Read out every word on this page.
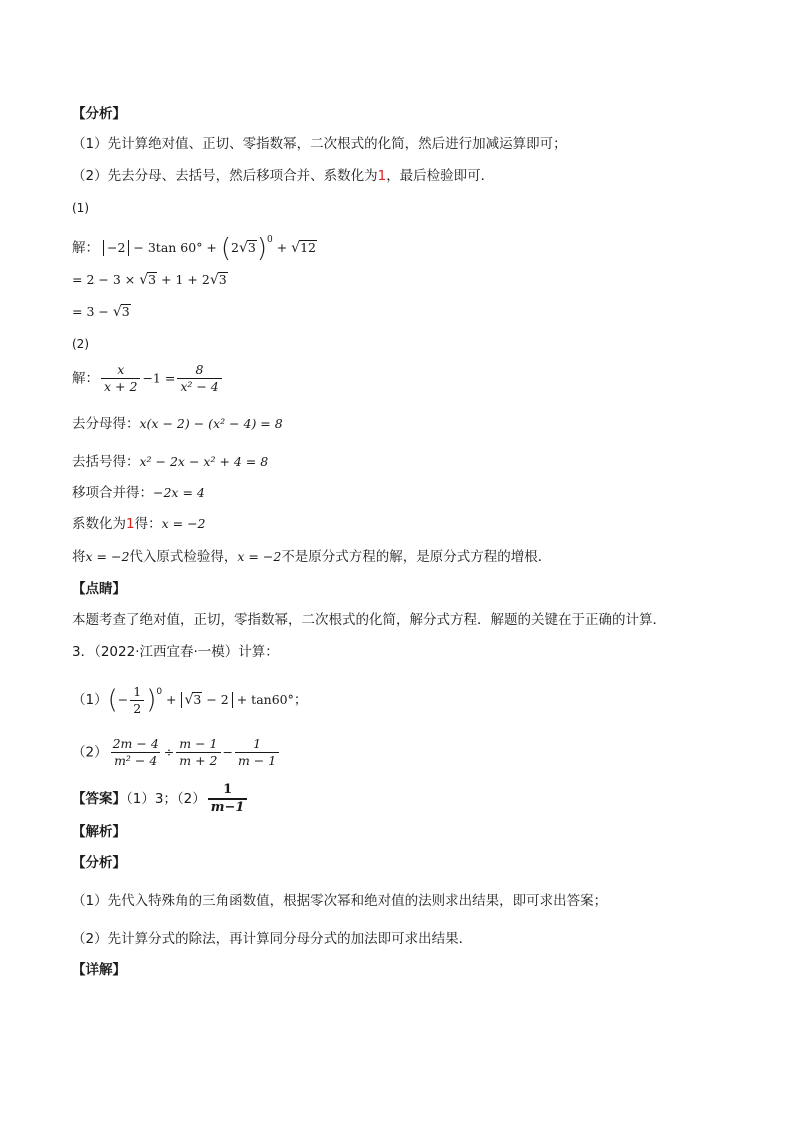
【分析】
（1）先计算绝对值、正切、零指数幂，二次根式的化简，然后进行加减运算即可；
（2）先去分母、去括号，然后移项合并、系数化为1，最后检验即可．
(1)
解： −2 − 3tan $60^\circ + (2√3)^0 + √12$
= 2 − 3 × √3 + 1 + 2√3
= 3 − √3
(2)
解： $\frac{x}{x + 2} -1 = \frac{8}{\text{x² − 4}}$
去分母得：x(x − 2) − (x² − 4) = 8
去括号得：x² − 2x − x² + 4 = 8
移项合并得：−2x = 4
系数化为1得：x = −2
将x = −2代入原式检验得，x = −2不是原分式方程的解，是原分式方程的增根．
【点睛】
本题考查了绝对值，正切，零指数幂，二次根式的化简，解分式方程．解题的关键在于正确的计算．
3．（2022·江西宜春·一模）计算：
$(1)(- \frac{1}{2} )^0 + √3 - 2 + \tan 60^\circ$；
$(2) \frac{2m - 4}{\text{m² − 4}} \div \frac{m - 1}{m + 2} - \frac{1}{m - 1}$
【答案】（1）3；$(2) \frac{1}{m-1}$
【解析】
【分析】
（1）先代入特殊角的三角函数值，根据零次幂和绝对值的法则求出结果，即可求出答案；
（2）先计算分式的除法，再计算同分母分式的加法即可求出结果．
【详解】
